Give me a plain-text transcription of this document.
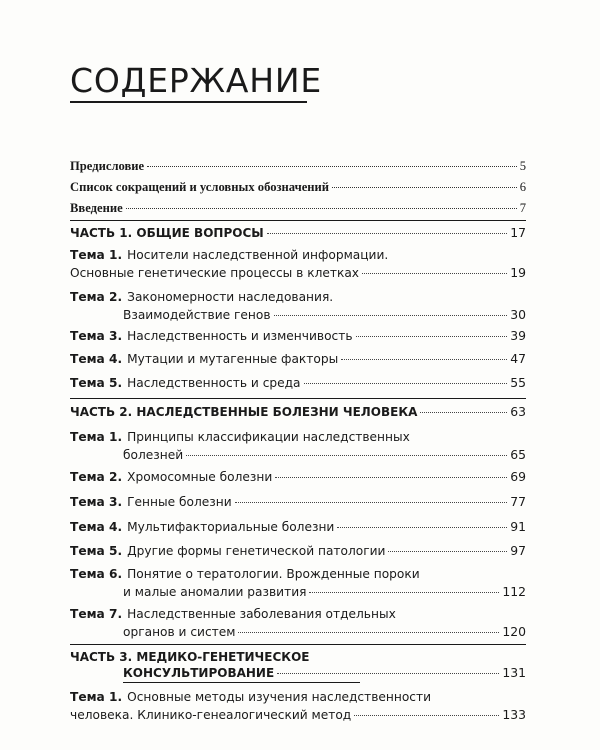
СОДЕРЖАНИЕ
Предисловие	5
Список сокращений и условных обозначений	6
Введение	7
ЧАСТЬ 1. ОБЩИЕ ВОПРОСЫ	17
Тема 1. Носители наследственной информации.
Основные генетические процессы в клетках	19
Тема 2. Закономерности наследования.
Взаимодействие генов	30
Тема 3. Наследственность и изменчивость	39
Тема 4. Мутации и мутагенные факторы	47
Тема 5. Наследственность и среда	55
ЧАСТЬ 2. НАСЛЕДСТВЕННЫЕ БОЛЕЗНИ ЧЕЛОВЕКА	63
Тема 1. Принципы классификации наследственных
болезней	65
Тема 2. Хромосомные болезни	69
Тема 3. Генные болезни	77
Тема 4. Мультифакториальные болезни	91
Тема 5. Другие формы генетической патологии	97
Тема 6. Понятие о тератологии. Врожденные пороки
и малые аномалии развития	112
Тема 7. Наследственные заболевания отдельных
органов и систем	120
ЧАСТЬ 3. МЕДИКО-ГЕНЕТИЧЕСКОЕ
КОНСУЛЬТИРОВАНИЕ	131
Тема 1. Основные методы изучения наследственности
человека. Клинико-генеалогический метод	133
